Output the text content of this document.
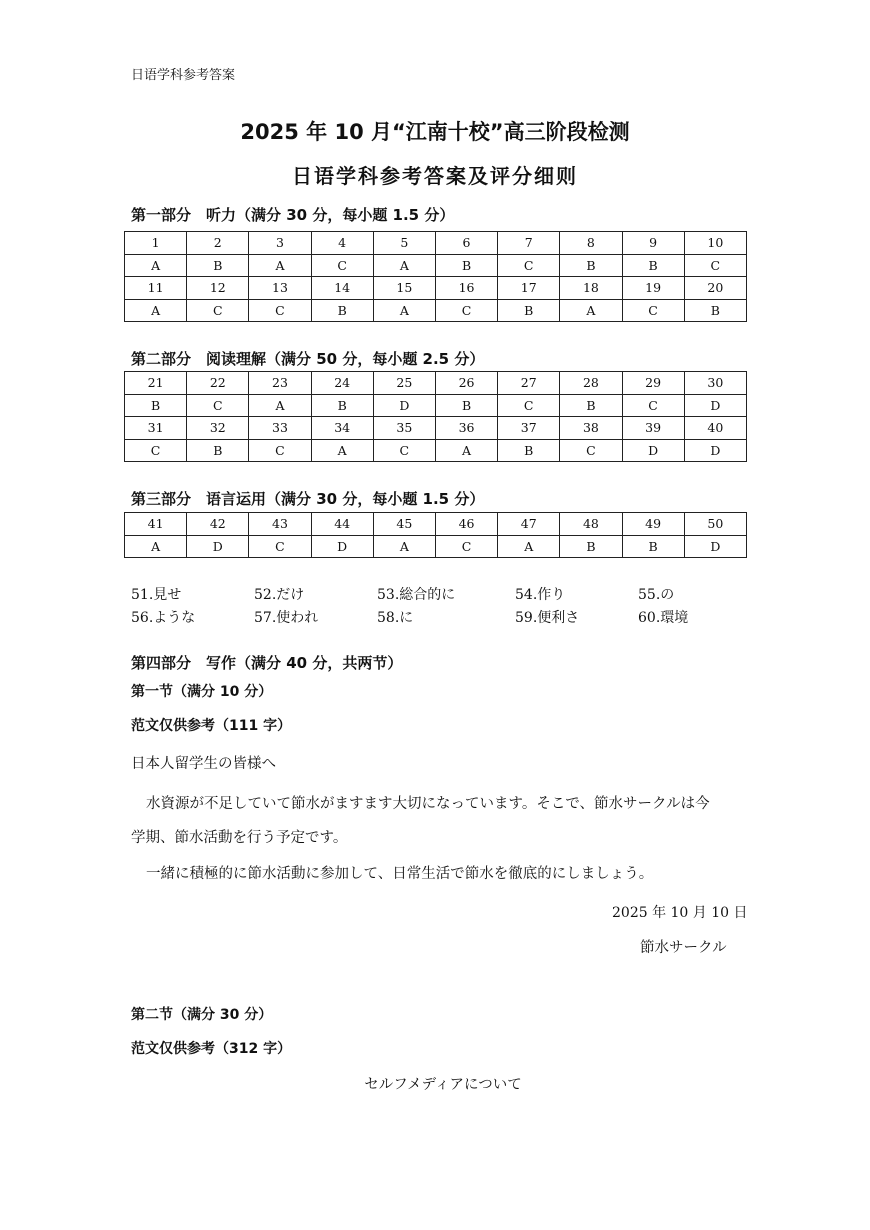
日语学科参考答案
2025 年 10 月“江南十校”高三阶段检测
日语学科参考答案及评分细则
第一部分　听力（满分 30 分，每小题 1.5 分）
1	2	3	4	5	6	7	8	9	10
A	B	A	C	A	B	C	B	B	C
11	12	13	14	15	16	17	18	19	20
A	C	C	B	A	C	B	A	C	B
第二部分　阅读理解（满分 50 分，每小题 2.5 分）
21	22	23	24	25	26	27	28	29	30
B	C	A	B	D	B	C	B	C	D
31	32	33	34	35	36	37	38	39	40
C	B	C	A	C	A	B	C	D	D
第三部分　语言运用（满分 30 分，每小题 1.5 分）
41	42	43	44	45	46	47	48	49	50
A	D	C	D	A	C	A	B	B	D
51.見せ	52.だけ	53.総合的に	54.作り	55.の
56.ような	57.使われ	58.に	59.便利さ	60.環境
第四部分　写作（满分 40 分，共两节）
第一节（满分 10 分）
范文仅供参考（111 字）
日本人留学生の皆様へ
水資源が不足していて節水がますます大切になっています。そこで、節水サークルは今
学期、節水活動を行う予定です。
一緒に積極的に節水活動に参加して、日常生活で節水を徹底的にしましょう。
2025 年 10 月 10 日
節水サークル
第二节（满分 30 分）
范文仅供参考（312 字）
セルフメディアについて
